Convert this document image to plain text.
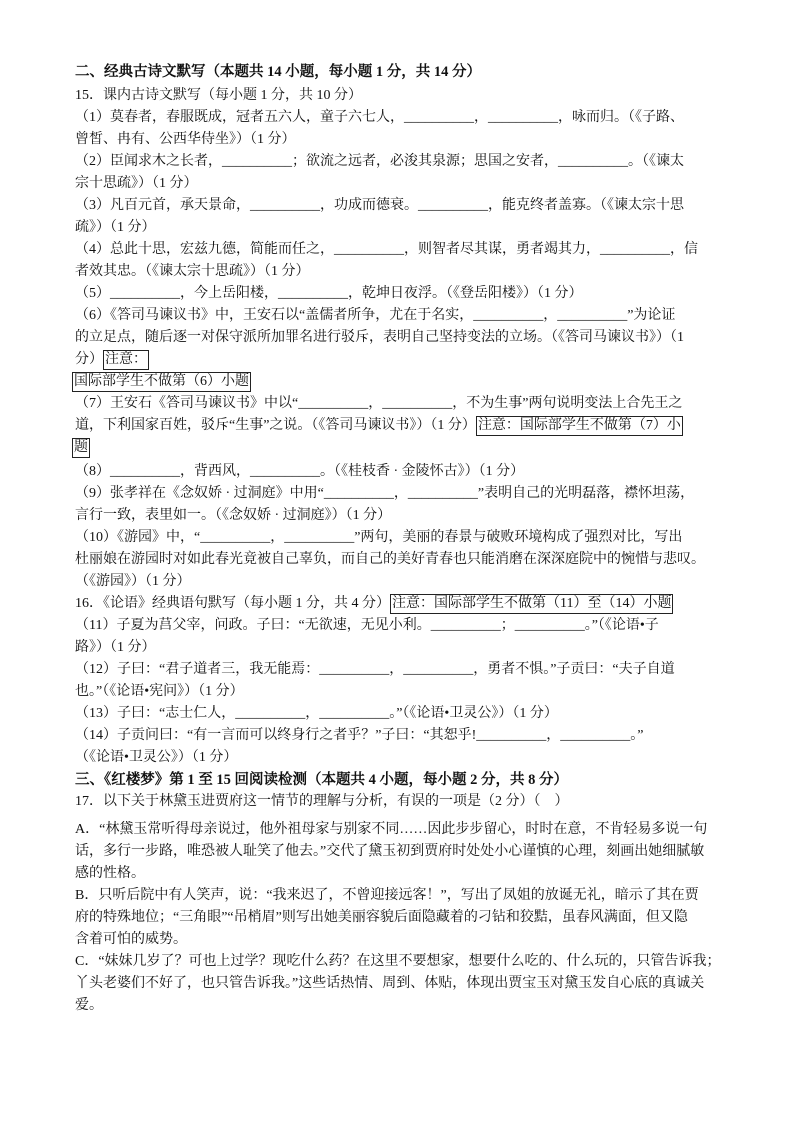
二、经典古诗文默写（本题共 14 小题，每小题 1 分，共 14 分）
15．课内古诗文默写（每小题 1 分，共 10 分）
（1）莫春者，春服既成，冠者五六人，童子六七人，__________，__________，咏而归。（《子路、
曾皙、冉有、公西华侍坐》）（1 分）
（2）臣闻求木之长者，__________；欲流之远者，必浚其泉源；思国之安者，__________。（《谏太
宗十思疏》）（1 分）
（3）凡百元首，承天景命，__________，功成而德衰。__________，能克终者盖寡。（《谏太宗十思
疏》）（1 分）
（4）总此十思，宏兹九德，简能而任之，__________，则智者尽其谋，勇者竭其力，__________，信
者效其忠。（《谏太宗十思疏》）（1 分）
（5）__________，今上岳阳楼，__________，乾坤日夜浮。（《登岳阳楼》）（1 分）
（6）《答司马谏议书》中，王安石以“盖儒者所争，尤在于名实，__________，__________”为论证
的立足点，随后逐一对保守派所加罪名进行驳斥，表明自己坚持变法的立场。（《答司马谏议书》）（1
分） 注意：
国际部学生不做第（6）小题
（7）王安石《答司马谏议书》中以“__________，__________，不为生事”两句说明变法上合先王之
道，下利国家百姓，驳斥“生事”之说。（《答司马谏议书》）（1 分） 注意：国际部学生不做第（7）小
题
（8）__________，背西风，__________。（《桂枝香 · 金陵怀古》）（1 分）
（9）张孝祥在《念奴娇 · 过洞庭》中用“__________，__________”表明自己的光明磊落，襟怀坦荡，
言行一致，表里如一。（《念奴娇 · 过洞庭》）（1 分）
（10）《游园》中，“__________，__________”两句，美丽的春景与破败环境构成了强烈对比，写出
杜丽娘在游园时对如此春光竟被自己辜负，而自己的美好青春也只能消磨在深深庭院中的惋惜与悲叹。
（《游园》）（1 分）
16．《论语》经典语句默写（每小题 1 分，共 4 分） 注意：国际部学生不做第（11）至（14）小题
（11）子夏为莒父宰，问政。子曰：“无欲速，无见小利。__________；__________。”（《论语•子
路》）（1 分）
（12）子曰：“君子道者三，我无能焉：__________，__________，勇者不惧。”子贡曰：“夫子自道
也。”（《论语•宪问》）（1 分）
（13）子曰：“志士仁人，__________，__________。”（《论语•卫灵公》）（1 分）
（14）子贡问曰：“有一言而可以终身行之者乎？”子曰：“其恕乎!__________，__________。”
（《论语•卫灵公》）（1 分）
三、《红楼梦》第 1 至 15 回阅读检测（本题共 4 小题，每小题 2 分，共 8 分）
17．以下关于林黛玉进贾府这一情节的理解与分析，有误的一项是（2 分）（    ）
A．“林黛玉常听得母亲说过，他外祖母家与别家不同……因此步步留心，时时在意，不肯轻易多说一句
话，多行一步路，唯恐被人耻笑了他去。”交代了黛玉初到贾府时处处小心谨慎的心理，刻画出她细腻敏
感的性格。
B．只听后院中有人笑声，说：“我来迟了，不曾迎接远客！”，写出了凤姐的放诞无礼，暗示了其在贾
府的特殊地位；“三角眼”“吊梢眉”则写出她美丽容貌后面隐藏着的刁钻和狡黠，虽春风满面，但又隐
含着可怕的威势。
C．“妹妹几岁了？可也上过学？现吃什么药？在这里不要想家，想要什么吃的、什么玩的，只管告诉我；
丫头老婆们不好了，也只管告诉我。”这些话热情、周到、体贴，体现出贾宝玉对黛玉发自心底的真诚关
爱。
